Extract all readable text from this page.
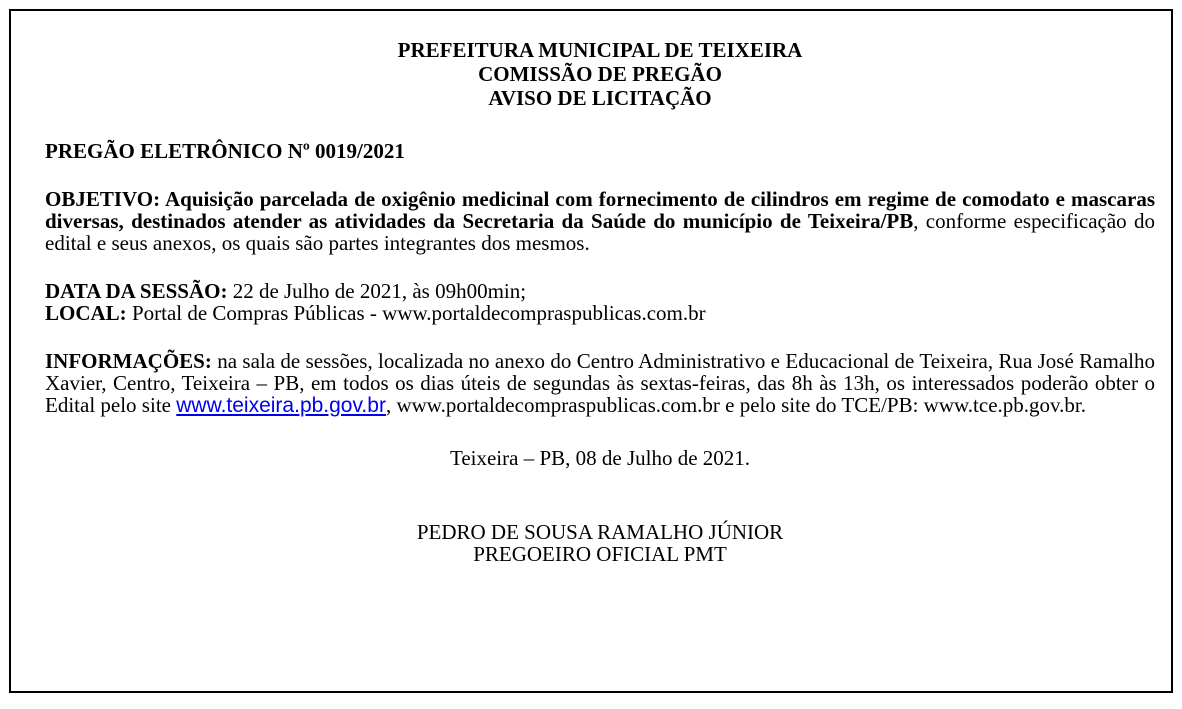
PREFEITURA MUNICIPAL DE TEIXEIRA
COMISSÃO DE PREGÃO
AVISO DE LICITAÇÃO

PREGÃO ELETRÔNICO Nº 0019/2021

OBJETIVO: Aquisição parcelada de oxigênio medicinal com fornecimento de cilindros em regime de comodato e mascaras diversas, destinados atender as atividades da Secretaria da Saúde do município de Teixeira/PB, conforme especificação do edital e seus anexos, os quais são partes integrantes dos mesmos.

DATA DA SESSÃO: 22 de Julho de 2021, às 09h00min;

LOCAL: Portal de Compras Públicas - www.portaldecompraspublicas.com.br

INFORMAÇÕES: na sala de sessões, localizada no anexo do Centro Administrativo e Educacional de Teixeira, Rua José Ramalho Xavier, Centro, Teixeira – PB, em todos os dias úteis de segundas às sextas-feiras, das 8h às 13h, os interessados poderão obter o Edital pelo site www.teixeira.pb.gov.br, www.portaldecompraspublicas.com.br e pelo site do TCE/PB: www.tce.pb.gov.br.

Teixeira – PB, 08 de Julho de 2021.

PEDRO DE SOUSA RAMALHO JÚNIOR

PREGOEIRO OFICIAL PMT
